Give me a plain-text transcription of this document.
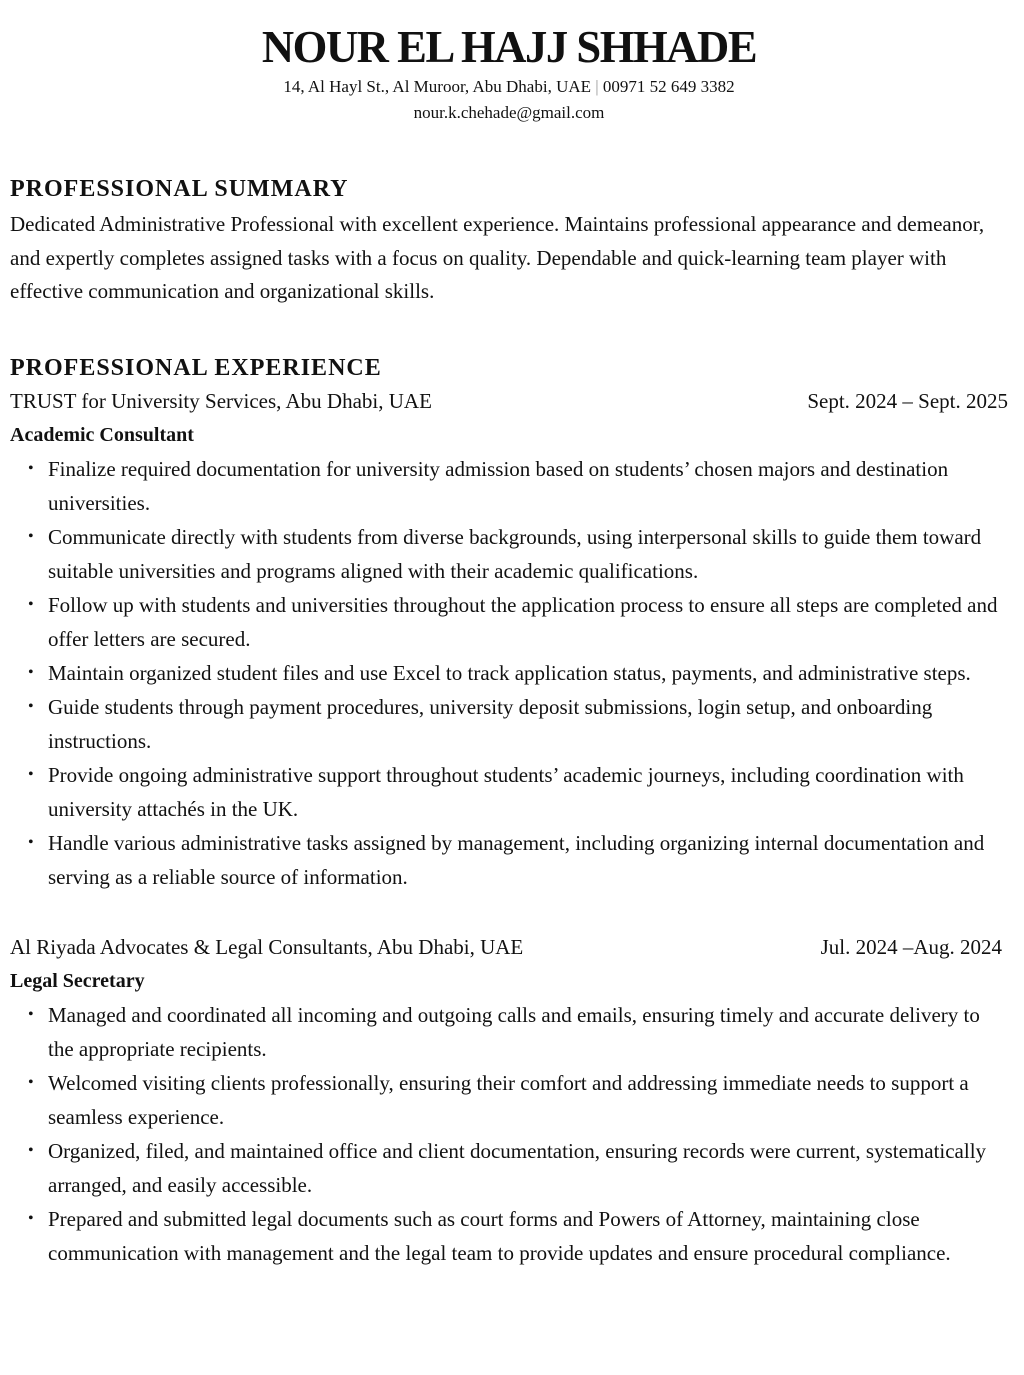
NOUR EL HAJJ SHHADE
14, Al Hayl St., Al Muroor, Abu Dhabi, UAE | 00971 52 649 3382
nour.k.chehade@gmail.com
PROFESSIONAL SUMMARY
Dedicated Administrative Professional with excellent experience. Maintains professional appearance and demeanor, and expertly completes assigned tasks with a focus on quality. Dependable and quick-learning team player with effective communication and organizational skills.
PROFESSIONAL EXPERIENCE
TRUST for University Services, Abu Dhabi, UAE	Sept. 2024 – Sept. 2025
Academic Consultant
• Finalize required documentation for university admission based on students’ chosen majors and destination universities.
• Communicate directly with students from diverse backgrounds, using interpersonal skills to guide them toward suitable universities and programs aligned with their academic qualifications.
• Follow up with students and universities throughout the application process to ensure all steps are completed and offer letters are secured.
• Maintain organized student files and use Excel to track application status, payments, and administrative steps.
• Guide students through payment procedures, university deposit submissions, login setup, and onboarding instructions.
• Provide ongoing administrative support throughout students’ academic journeys, including coordination with university attachés in the UK.
• Handle various administrative tasks assigned by management, including organizing internal documentation and serving as a reliable source of information.
Al Riyada Advocates & Legal Consultants, Abu Dhabi, UAE	Jul. 2024 –Aug. 2024
Legal Secretary
• Managed and coordinated all incoming and outgoing calls and emails, ensuring timely and accurate delivery to the appropriate recipients.
• Welcomed visiting clients professionally, ensuring their comfort and addressing immediate needs to support a seamless experience.
• Organized, filed, and maintained office and client documentation, ensuring records were current, systematically arranged, and easily accessible.
• Prepared and submitted legal documents such as court forms and Powers of Attorney, maintaining close communication with management and the legal team to provide updates and ensure procedural compliance.
